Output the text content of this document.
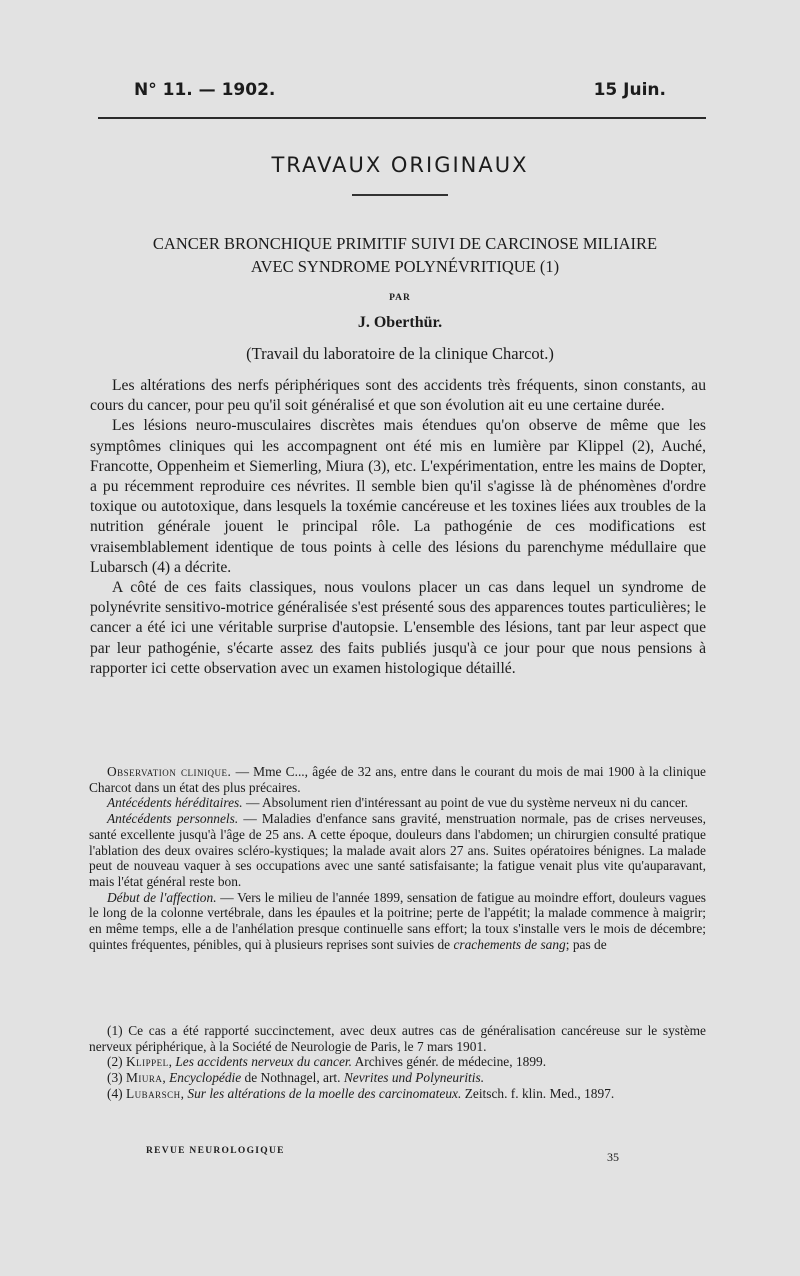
N° 11. — 1902.	15 Juin.
TRAVAUX ORIGINAUX
CANCER BRONCHIQUE PRIMITIF SUIVI DE CARCINOSE MILIAIRE
AVEC SYNDROME POLYNÉVRITIQUE (1)
PAR
J. Oberthür.
(Travail du laboratoire de la clinique Charcot.)

Les altérations des nerfs périphériques sont des accidents très fréquents, sinon constants, au cours du cancer, pour peu qu'il soit généralisé et que son évolution ait eu une certaine durée.

Les lésions neuro-musculaires discrètes mais étendues qu'on observe de même que les symptômes cliniques qui les accompagnent ont été mis en lumière par Klippel (2), Auché, Francotte, Oppenheim et Siemerling, Miura (3), etc. L'expérimentation, entre les mains de Dopter, a pu récemment reproduire ces névrites. Il semble bien qu'il s'agisse là de phénomènes d'ordre toxique ou autotoxique, dans lesquels la toxémie cancéreuse et les toxines liées aux troubles de la nutrition générale jouent le principal rôle. La pathogénie de ces modifications est vraisemblablement identique de tous points à celle des lésions du parenchyme médullaire que Lubarsch (4) a décrite.

A côté de ces faits classiques, nous voulons placer un cas dans lequel un syndrome de polynévrite sensitivo-motrice généralisée s'est présenté sous des apparences toutes particulières; le cancer a été ici une véritable surprise d'autopsie. L'ensemble des lésions, tant par leur aspect que par leur pathogénie, s'écarte assez des faits publiés jusqu'à ce jour pour que nous pensions à rapporter ici cette observation avec un examen histologique détaillé.

Observation clinique. — Mme C..., âgée de 32 ans, entre dans le courant du mois de mai 1900 à la clinique Charcot dans un état des plus précaires.

Antécédents héréditaires. — Absolument rien d'intéressant au point de vue du système nerveux ni du cancer.

Antécédents personnels. — Maladies d'enfance sans gravité, menstruation normale, pas de crises nerveuses, santé excellente jusqu'à l'âge de 25 ans. A cette époque, douleurs dans l'abdomen; un chirurgien consulté pratique l'ablation des deux ovaires scléro-kystiques; la malade avait alors 27 ans. Suites opératoires bénignes. La malade peut de nouveau vaquer à ses occupations avec une santé satisfaisante; la fatigue venait plus vite qu'auparavant, mais l'état général reste bon.

Début de l'affection. — Vers le milieu de l'année 1899, sensation de fatigue au moindre effort, douleurs vagues le long de la colonne vertébrale, dans les épaules et la poitrine; perte de l'appétit; la malade commence à maigrir; en même temps, elle a de l'anhélation presque continuelle sans effort; la toux s'installe vers le mois de décembre; quintes fréquentes, pénibles, qui à plusieurs reprises sont suivies de crachements de sang; pas de

(1) Ce cas a été rapporté succinctement, avec deux autres cas de généralisation cancéreuse sur le système nerveux périphérique, à la Société de Neurologie de Paris, le 7 mars 1901.

(2) Klippel, Les accidents nerveux du cancer. Archives génér. de médecine, 1899.

(3) Miura, Encyclopédie de Nothnagel, art. Nevrites und Polyneuritis.

(4) Lubarsch, Sur les altérations de la moelle des carcinomateux. Zeitsch. f. klin. Med., 1897.

REVUE NEUROLOGIQUE	35
